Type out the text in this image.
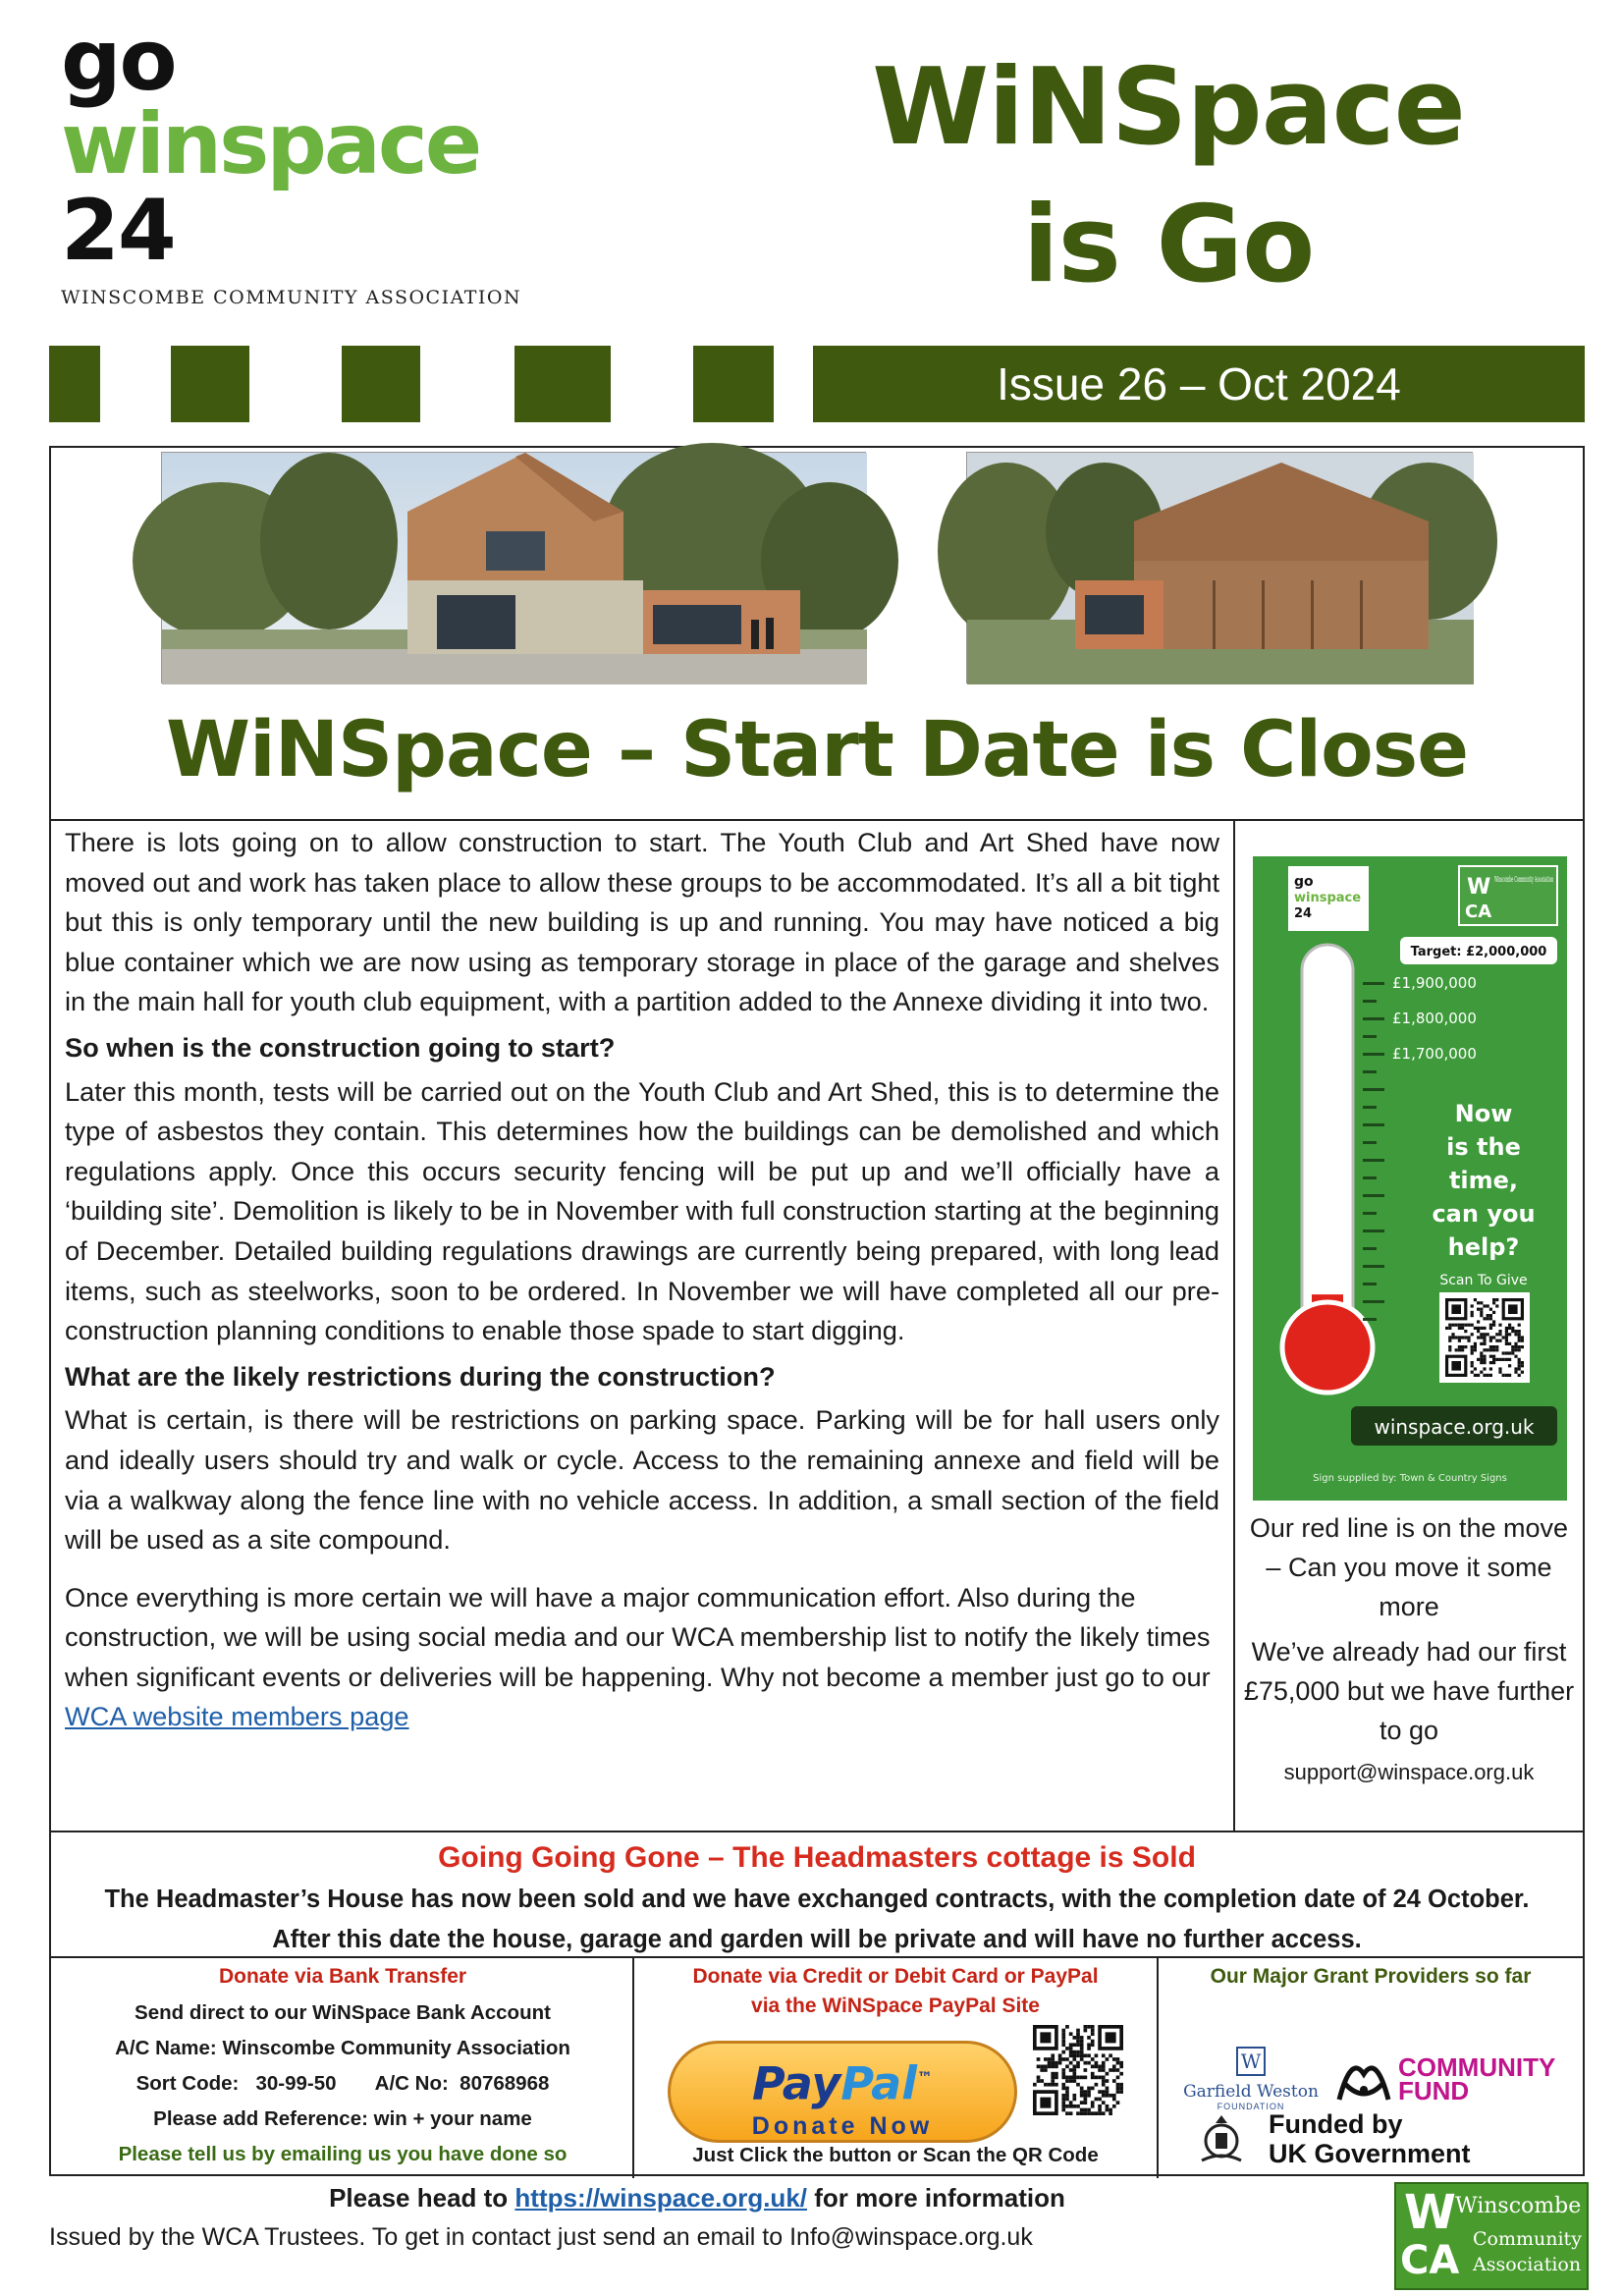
go
winspace
24
WINSCOMBE COMMUNITY ASSOCIATION
WiNSpace
is Go
Issue 26 – Oct 2024
WiNSpace – Start Date is Close

There is lots going on to allow construction to start. The Youth Club and Art Shed have now moved out and work has taken place to allow these groups to be accommodated. It’s all a bit tight but this is only temporary until the new building is up and running. You may have noticed a big blue container which we are now using as temporary storage in place of the garage and shelves in the main hall for youth club equipment, with a partition added to the Annexe dividing it into two.

So when is the construction going to start?

Later this month, tests will be carried out on the Youth Club and Art Shed, this is to determine the type of asbestos they contain. This determines how the buildings can be demolished and which regulations apply. Once this occurs security fencing will be put up and we’ll officially have a ‘building site’. Demolition is likely to be in November with full construction starting at the beginning of December. Detailed building regulations drawings are currently being prepared, with long lead items, such as steelworks, soon to be ordered. In November we will have completed all our pre-construction planning conditions to enable those spade to start digging.

What are the likely restrictions during the construction?

What is certain, is there will be restrictions on parking space. Parking will be for hall users only and ideally users should try and walk or cycle. Access to the remaining annexe and field will be via a walkway along the fence line with no vehicle access. In addition, a small section of the field will be used as a site compound.

Once everything is more certain we will have a major communication effort. Also during the construction, we will be using social media and our WCA membership list to notify the likely times when significant events or deliveries will be happening. Why not become a member just go to our WCA website members page

go
winspace
24
W
CA
Winscombe Community Association
Target: £2,000,000
£1,900,000
£1,800,000
£1,700,000
Now
is the
time,
can you
help?
Scan To Give
winspace.org.uk
Sign supplied by: Town & Country Signs
Our red line is on the move – Can you move it some more
We’ve already had our first £75,000 but we have further to go
support@winspace.org.uk
Going Going Gone – The Headmasters cottage is Sold
The Headmaster’s House has now been sold and we have exchanged contracts, with the completion date of 24 October. After this date the house, garage and garden will be private and will have no further access.
Donate via Bank Transfer
Send direct to our WiNSpace Bank Account
A/C Name: Winscombe Community Association
Sort Code:   30-99-50       A/C No:  80768968
Please add Reference: win + your name
Please tell us by emailing us you have done so
Donate via Credit or Debit Card or PayPal
via the WiNSpace PayPal Site
PayPal™
Donate Now
Just Click the button or Scan the QR Code
Our Major Grant Providers so far
W
Garfield Weston
FOUNDATION
COMMUNITY
FUND
Funded by
UK Government
Please head to https://winspace.org.uk/ for more information
Issued by the WCA Trustees. To get in contact just send an email to Info@winspace.org.uk	W
CA
Winscombe
Community
Association
